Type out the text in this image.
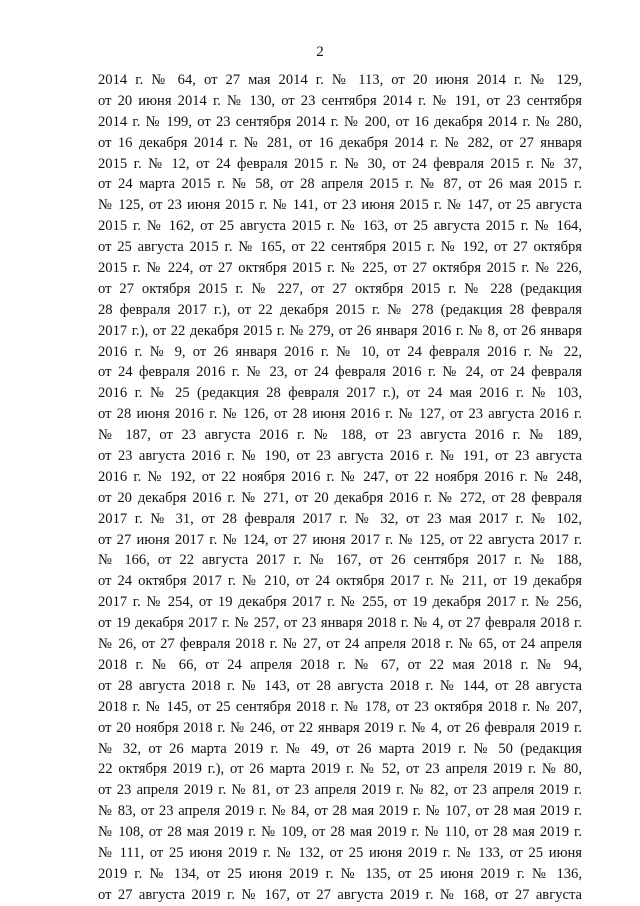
2
2014 г. № 64, от 27 мая 2014 г. № 113, от 20 июня 2014 г. № 129,
от 20 июня 2014 г. № 130, от 23 сентября 2014 г. № 191, от 23 сентября
2014 г. № 199, от 23 сентября 2014 г. № 200, от 16 декабря 2014 г. № 280,
от 16 декабря 2014 г. № 281, от 16 декабря 2014 г. № 282, от 27 января
2015 г. № 12, от 24 февраля 2015 г. № 30, от 24 февраля 2015 г. № 37,
от 24 марта 2015 г. № 58, от 28 апреля 2015 г. № 87, от 26 мая 2015 г.
№ 125, от 23 июня 2015 г. № 141, от 23 июня 2015 г. № 147, от 25 августа
2015 г. № 162, от 25 августа 2015 г. № 163, от 25 августа 2015 г. № 164,
от 25 августа 2015 г. № 165, от 22 сентября 2015 г. № 192, от 27 октября
2015 г. № 224, от 27 октября 2015 г. № 225, от 27 октября 2015 г. № 226,
от 27 октября 2015 г. № 227, от 27 октября 2015 г. № 228 (редакция
28 февраля 2017 г.), от 22 декабря 2015 г. № 278 (редакция 28 февраля
2017 г.), от 22 декабря 2015 г. № 279, от 26 января 2016 г. № 8, от 26 января
2016 г. № 9, от 26 января 2016 г. № 10, от 24 февраля 2016 г. № 22,
от 24 февраля 2016 г. № 23, от 24 февраля 2016 г. № 24, от 24 февраля
2016 г. № 25 (редакция 28 февраля 2017 г.), от 24 мая 2016 г. № 103,
от 28 июня 2016 г. № 126, от 28 июня 2016 г. № 127, от 23 августа 2016 г.
№ 187, от 23 августа 2016 г. № 188, от 23 августа 2016 г. № 189,
от 23 августа 2016 г. № 190, от 23 августа 2016 г. № 191, от 23 августа
2016 г. № 192, от 22 ноября 2016 г. № 247, от 22 ноября 2016 г. № 248,
от 20 декабря 2016 г. № 271, от 20 декабря 2016 г. № 272, от 28 февраля
2017 г. № 31, от 28 февраля 2017 г. № 32, от 23 мая 2017 г. № 102,
от 27 июня 2017 г. № 124, от 27 июня 2017 г. № 125, от 22 августа 2017 г.
№ 166, от 22 августа 2017 г. № 167, от 26 сентября 2017 г. № 188,
от 24 октября 2017 г. № 210, от 24 октября 2017 г. № 211, от 19 декабря
2017 г. № 254, от 19 декабря 2017 г. № 255, от 19 декабря 2017 г. № 256,
от 19 декабря 2017 г. № 257, от 23 января 2018 г. № 4, от 27 февраля 2018 г.
№ 26, от 27 февраля 2018 г. № 27, от 24 апреля 2018 г. № 65, от 24 апреля
2018 г. № 66, от 24 апреля 2018 г. № 67, от 22 мая 2018 г. № 94,
от 28 августа 2018 г. № 143, от 28 августа 2018 г. № 144, от 28 августа
2018 г. № 145, от 25 сентября 2018 г. № 178, от 23 октября 2018 г. № 207,
от 20 ноября 2018 г. № 246, от 22 января 2019 г. № 4, от 26 февраля 2019 г.
№ 32, от 26 марта 2019 г. № 49, от 26 марта 2019 г. № 50 (редакция
22 октября 2019 г.), от 26 марта 2019 г. № 52, от 23 апреля 2019 г. № 80,
от 23 апреля 2019 г. № 81, от 23 апреля 2019 г. № 82, от 23 апреля 2019 г.
№ 83, от 23 апреля 2019 г. № 84, от 28 мая 2019 г. № 107, от 28 мая 2019 г.
№ 108, от 28 мая 2019 г. № 109, от 28 мая 2019 г. № 110, от 28 мая 2019 г.
№ 111, от 25 июня 2019 г. № 132, от 25 июня 2019 г. № 133, от 25 июня
2019 г. № 134, от 25 июня 2019 г. № 135, от 25 июня 2019 г. № 136,
от 27 августа 2019 г. № 167, от 27 августа 2019 г. № 168, от 27 августа
